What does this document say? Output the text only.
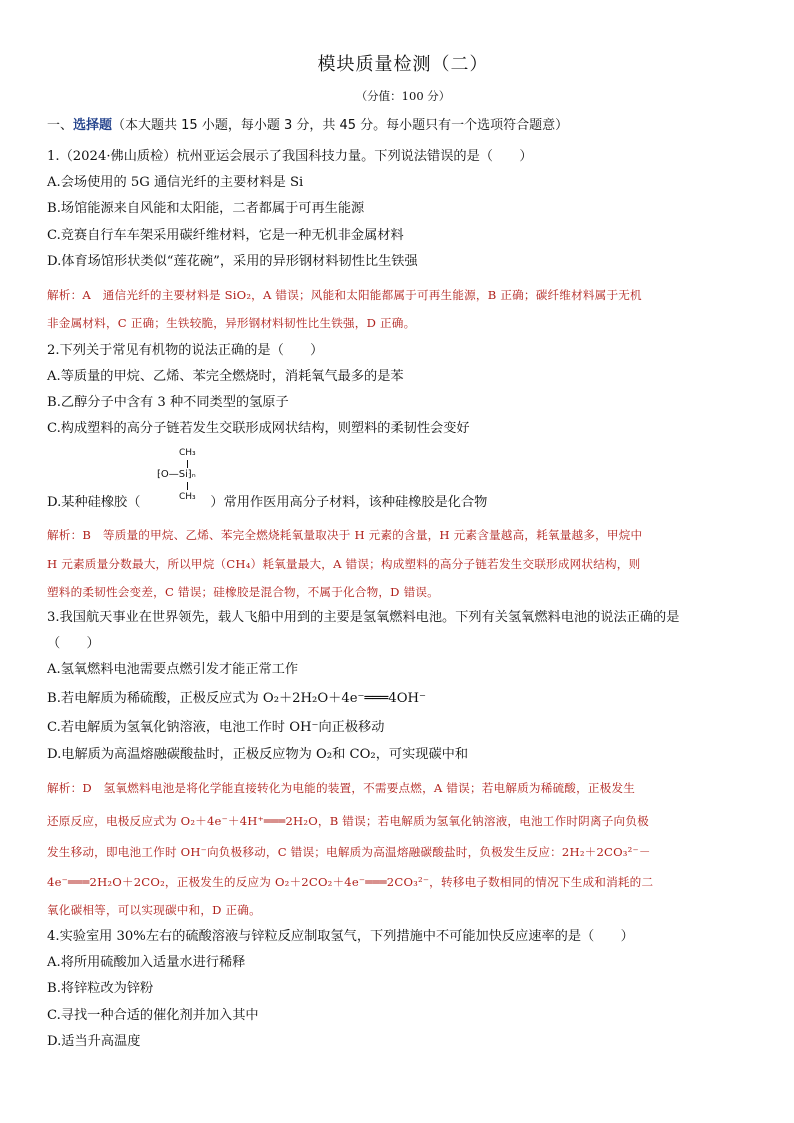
模块质量检测（二）
（分值：100 分）
一、选择题（本大题共 15 小题，每小题 3 分，共 45 分。每小题只有一个选项符合题意）
1.（2024·佛山质检）杭州亚运会展示了我国科技力量。下列说法错误的是（　　）
A.会场使用的 5G 通信光纤的主要材料是 Si
B.场馆能源来自风能和太阳能，二者都属于可再生能源
C.竞赛自行车车架采用碳纤维材料，它是一种无机非金属材料
D.体育场馆形状类似“莲花碗”，采用的异形钢材料韧性比生铁强
解析：A　通信光纤的主要材料是 SiO₂，A 错误；风能和太阳能都属于可再生能源，B 正确；碳纤维材料属于无机
非金属材料，C 正确；生铁较脆，异形钢材料韧性比生铁强，D 正确。
2.下列关于常见有机物的说法正确的是（　　）
A.等质量的甲烷、乙烯、苯完全燃烧时，消耗氧气最多的是苯
B.乙醇分子中含有 3 种不同类型的氢原子
C.构成塑料的高分子链若发生交联形成网状结构，则塑料的柔韧性会变好
CH₃
⁅O—Si⁆ₙ
CH₃
D.某种硅橡胶（	）常用作医用高分子材料，该种硅橡胶是化合物
解析：B　等质量的甲烷、乙烯、苯完全燃烧耗氧量取决于 H 元素的含量，H 元素含量越高，耗氧量越多，甲烷中
H 元素质量分数最大，所以甲烷（CH₄）耗氧量最大，A 错误；构成塑料的高分子链若发生交联形成网状结构，则
塑料的柔韧性会变差，C 错误；硅橡胶是混合物，不属于化合物，D 错误。
3.我国航天事业在世界领先，载人飞船中用到的主要是氢氧燃料电池。下列有关氢氧燃料电池的说法正确的是
（　　）
A.氢氧燃料电池需要点燃引发才能正常工作
B.若电解质为稀硫酸，正极反应式为 O₂＋2H₂O＋4e⁻═══4OH⁻
C.若电解质为氢氧化钠溶液，电池工作时 OH⁻向正极移动
D.电解质为高温熔融碳酸盐时，正极反应物为 O₂和 CO₂，可实现碳中和
解析：D　氢氧燃料电池是将化学能直接转化为电能的装置，不需要点燃，A 错误；若电解质为稀硫酸，正极发生
还原反应，电极反应式为 O₂＋4e⁻＋4H⁺═══2H₂O，B 错误；若电解质为氢氧化钠溶液，电池工作时阴离子向负极
发生移动，即电池工作时 OH⁻向负极移动，C 错误；电解质为高温熔融碳酸盐时，负极发生反应：2H₂＋2CO₃²⁻－
4e⁻═══2H₂O＋2CO₂，正极发生的反应为 O₂＋2CO₂＋4e⁻═══2CO₃²⁻，转移电子数相同的情况下生成和消耗的二
氧化碳相等，可以实现碳中和，D 正确。
4.实验室用 30%左右的硫酸溶液与锌粒反应制取氢气，下列措施中不可能加快反应速率的是（　　）
A.将所用硫酸加入适量水进行稀释
B.将锌粒改为锌粉
C.寻找一种合适的催化剂并加入其中
D.适当升高温度
